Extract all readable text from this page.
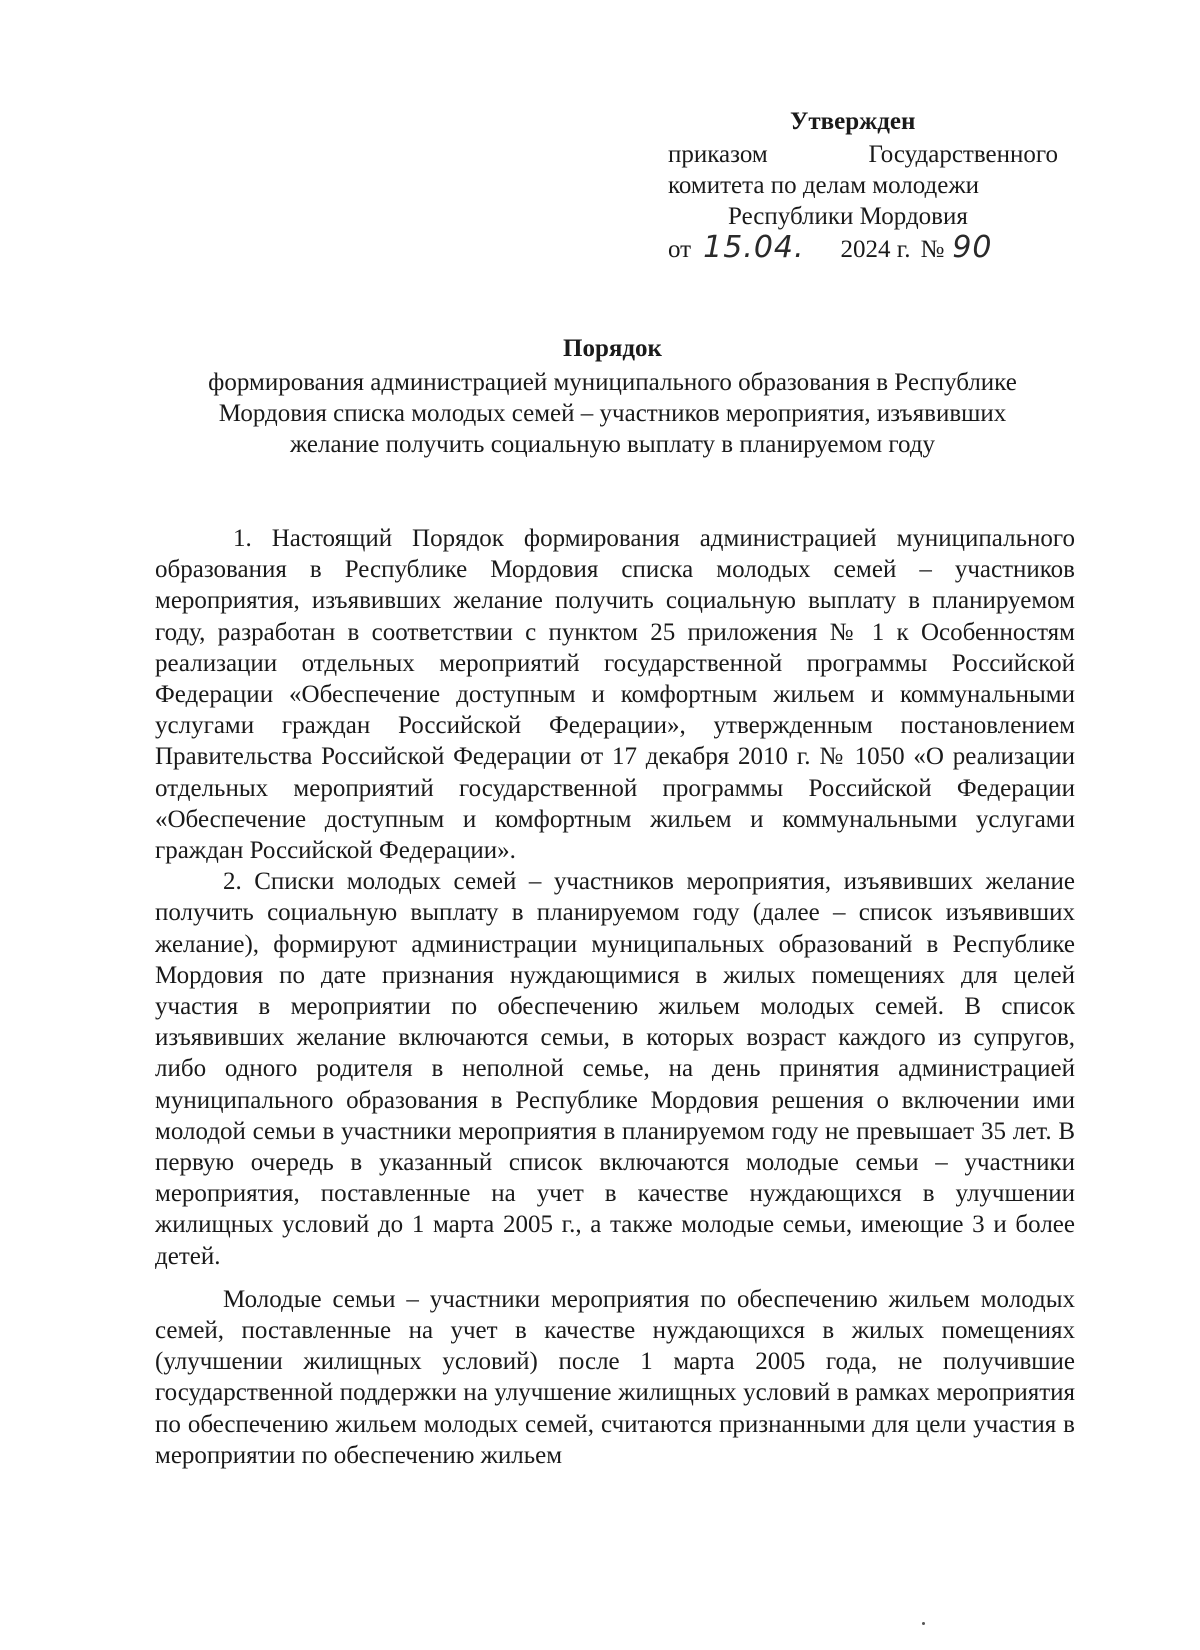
Утвержден
приказом	Государственного
комитета по делам молодежи
Республики Мордовия
от 15.04. 2024 г. № 90
Порядок
формирования администрацией муниципального образования в Республике
Мордовия списка молодых семей – участников мероприятия, изъявивших
желание получить социальную выплату в планируемом году

1. Настоящий Порядок формирования администрацией муниципального образования в Республике Мордовия списка молодых семей – участников мероприятия, изъявивших желание получить социальную выплату в планируемом году, разработан в соответствии с пунктом 25 приложения № 1 к Особенностям реализации отдельных мероприятий государственной программы Российской Федерации «Обеспечение доступным и комфортным жильем и коммунальными услугами граждан Российской Федерации», утвержденным постановлением Правительства Российской Федерации от 17 декабря 2010 г. № 1050 «О реализации отдельных мероприятий государственной программы Российской Федерации «Обеспечение доступным и комфортным жильем и коммунальными услугами граждан Российской Федерации».

2. Списки молодых семей – участников мероприятия, изъявивших желание получить социальную выплату в планируемом году (далее – список изъявивших желание), формируют администрации муниципальных образований в Республике Мордовия по дате признания нуждающимися в жилых помещениях для целей участия в мероприятии по обеспечению жильем молодых семей. В список изъявивших желание включаются семьи, в которых возраст каждого из супругов, либо одного родителя в неполной семье, на день принятия администрацией муниципального образования в Республике Мордовия решения о включении ими молодой семьи в участники мероприятия в планируемом году не превышает 35 лет. В первую очередь в указанный список включаются молодые семьи – участники мероприятия, поставленные на учет в качестве нуждающихся в улучшении жилищных условий до 1 марта 2005 г., а также молодые семьи, имеющие 3 и более детей.

Молодые семьи – участники мероприятия по обеспечению жильем молодых семей, поставленные на учет в качестве нуждающихся в жилых помещениях (улучшении жилищных условий) после 1 марта 2005 года, не получившие государственной поддержки на улучшение жилищных условий в рамках мероприятия по обеспечению жильем молодых семей, считаются признанными для цели участия в мероприятии по обеспечению жильем
